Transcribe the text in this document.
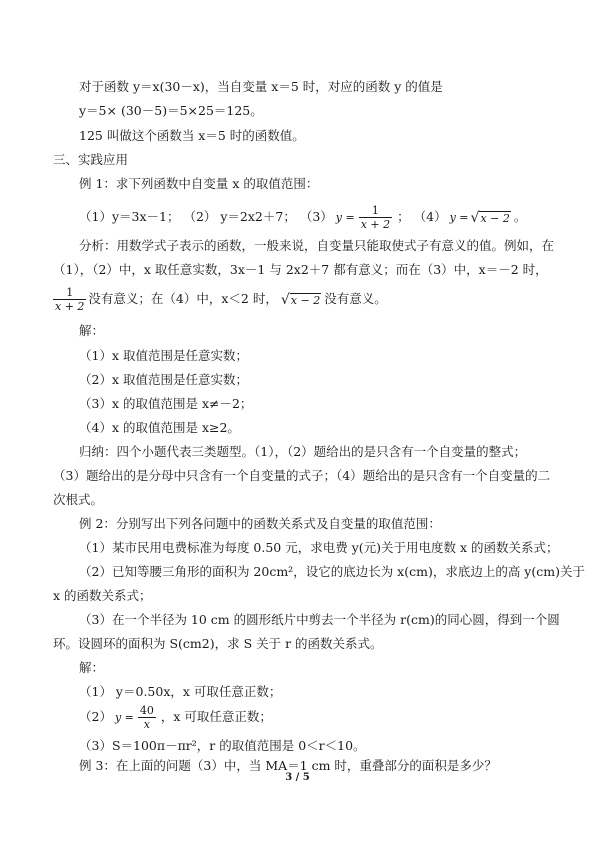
对于函数 y＝x(30－x)，当自变量 x＝5 时，对应的函数 y 的值是
y＝5× (30－5)＝5×25＝125。
125 叫做这个函数当 x＝5 时的函数值。
三、实践应用
例 1：求下列函数中自变量 x 的取值范围：
（1）y＝3x－1； （2） y＝2x2＋7； （3） $y = \frac{1}{x + 2}$ ； （4） y = √x − 2 。
分析：用数学式子表示的函数，一般来说，自变量只能取使式子有意义的值。例如，在
（1），（2）中，x 取任意实数，3x－1 与 2x2＋7 都有意义；而在（3）中，x＝－2 时，
$\frac{1}{x + 2}$ 没有意义；在（4）中，x＜2 时， √x − 2 没有意义。
解：
（1）x 取值范围是任意实数；
（2）x 取值范围是任意实数；
（3）x 的取值范围是 x≠－2；
（4）x 的取值范围是 x≥2。
归纳：四个小题代表三类题型。（1），（2）题给出的是只含有一个自变量的整式；
（3）题给出的是分母中只含有一个自变量的式子；（4）题给出的是只含有一个自变量的二
次根式。
例 2：分别写出下列各问题中的函数关系式及自变量的取值范围：
（1）某市民用电费标准为每度 0.50 元，求电费 y(元)关于用电度数 x 的函数关系式；
（2）已知等腰三角形的面积为 20cm²，设它的底边长为 x(cm)，求底边上的高 y(cm)关于
x 的函数关系式；
（3）在一个半径为 10 cm 的圆形纸片中剪去一个半径为 r(cm)的同心圆，得到一个圆
环。设圆环的面积为 S(cm2)，求 S 关于 r 的函数关系式。
解：
（1） y＝0.50x，x 可取任意正数；
（2） $y = \frac{40}{x}$ ，x 可取任意正数；
（3）S＝100π－πr²，r 的取值范围是 0＜r＜10。
例 3：在上面的问题（3）中，当 MA＝1 cm 时，重叠部分的面积是多少？
3 / 5
